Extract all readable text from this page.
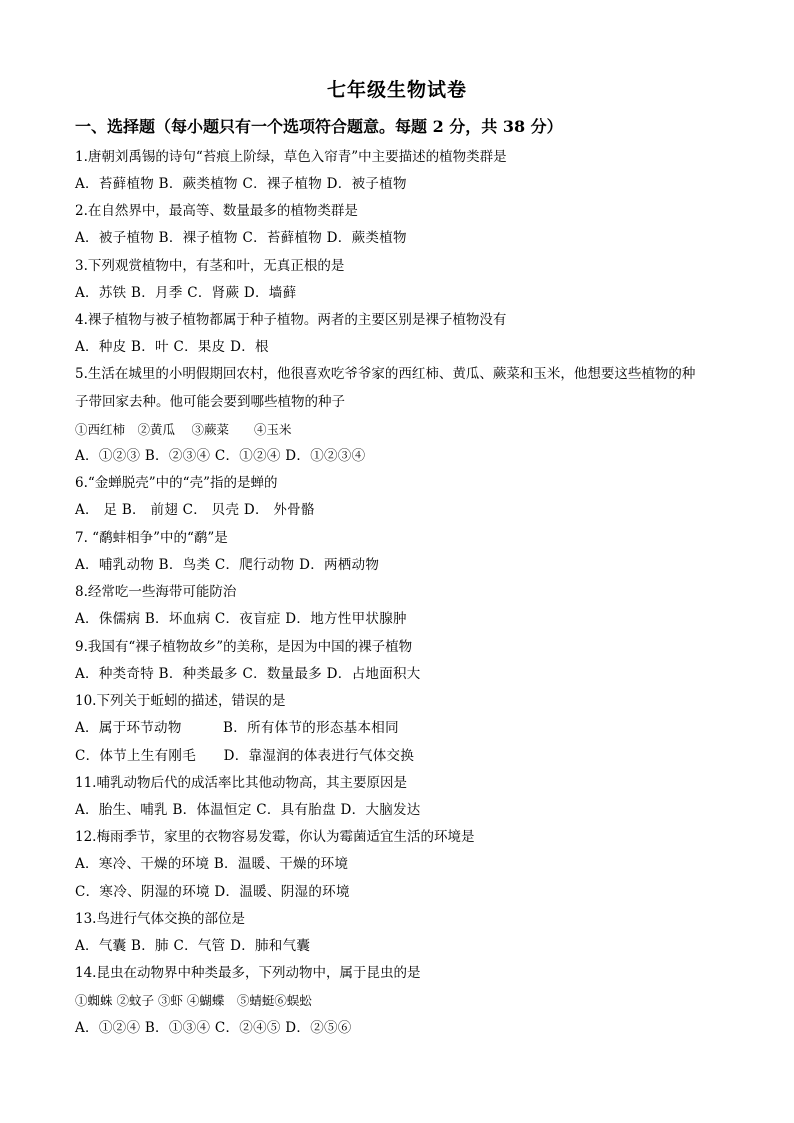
七年级生物试卷
一、选择题（每小题只有一个选项符合题意。每题 2 分，共 38 分）
1.唐朝刘禹锡的诗句“苔痕上阶绿，草色入帘青”中主要描述的植物类群是
A．苔藓植物 B．蕨类植物 C．裸子植物 D．被子植物
2.在自然界中，最高等、数量最多的植物类群是
A．被子植物 B．裸子植物 C．苔藓植物 D．蕨类植物
3.下列观赏植物中，有茎和叶，无真正根的是
A．苏铁 B．月季 C．肾蕨 D．墙藓
4.裸子植物与被子植物都属于种子植物。两者的主要区别是裸子植物没有
A．种皮 B．叶 C．果皮 D．根
5.生活在城里的小明假期回农村，他很喜欢吃爷爷家的西红柿、黄瓜、蕨菜和玉米，他想要这些植物的种
子带回家去种。他可能会要到哪些植物的种子
①西红柿　②黄瓜　 ③蕨菜　　④玉米
A．①②③ B．②③④ C．①②④ D．①②③④
6.“金蝉脱壳”中的“壳”指的是蝉的
A． 足 B． 前翅 C． 贝壳 D． 外骨骼
7. “鹬蚌相争”中的“鹬”是
A．哺乳动物 B．鸟类 C．爬行动物 D．两栖动物
8.经常吃一些海带可能防治
A．侏儒病 B．坏血病 C．夜盲症 D．地方性甲状腺肿
9.我国有“裸子植物故乡”的美称，是因为中国的裸子植物
A．种类奇特 B．种类最多 C．数量最多 D．占地面积大
10.下列关于蚯蚓的描述，错误的是
A．属于环节动物　　　B．所有体节的形态基本相同
C．体节上生有刚毛　　D．靠湿润的体表进行气体交换
11.哺乳动物后代的成活率比其他动物高，其主要原因是
A．胎生、哺乳 B．体温恒定 C．具有胎盘 D．大脑发达
12.梅雨季节，家里的衣物容易发霉，你认为霉菌适宜生活的环境是
A．寒冷、干燥的环境 B．温暖、干燥的环境
C．寒冷、阴湿的环境 D．温暖、阴湿的环境
13.鸟进行气体交换的部位是
A．气囊 B．肺 C．气管 D．肺和气囊
14.昆虫在动物界中种类最多，下列动物中，属于昆虫的是
①蜘蛛 ②蚊子 ③虾 ④蝴蝶　⑤蜻蜓⑥蜈蚣
A．①②④ B．①③④ C．②④⑤ D．②⑤⑥
